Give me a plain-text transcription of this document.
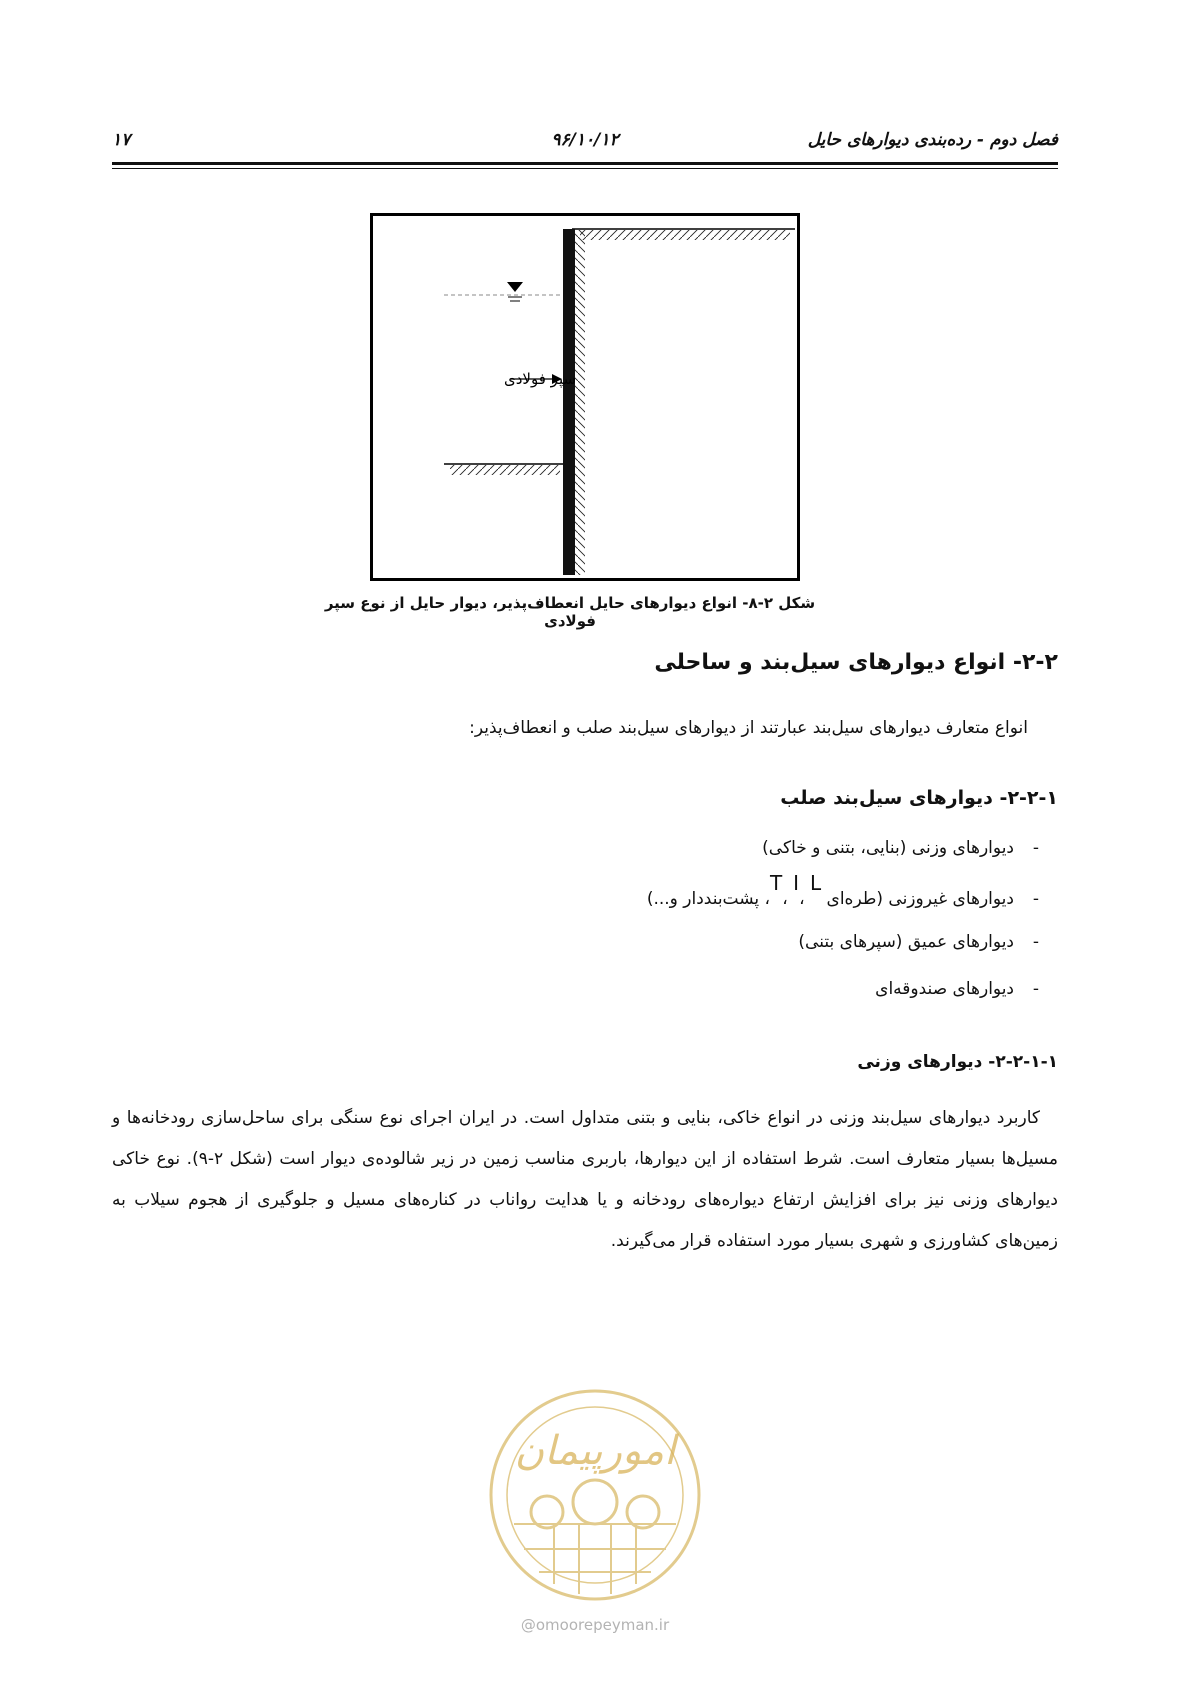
فصل دوم - رده‌بندی دیوارهای حایل
۹۶/۱۰/۱۲
۱۷
سپر فولادی
شکل ۲-۸- انواع دیوارهای حایل انعطاف‌پذیر، دیوار حایل از نوع سپر فولادی
۲-۲- انواع دیوارهای سیل‌بند و ساحلی
انواع متعارف دیوارهای سیل‌بند عبارتند از دیوارهای سیل‌بند صلب و انعطاف‌پذیر:
۲-۲-۱- دیوارهای سیل‌بند صلب
-دیوارهای وزنی (بنایی، بتنی و خاکی)
-دیوارهای غیروزنی (طره‌ای T، I، L، پشت‌بنددار و...)
-دیوارهای عمیق (سپرهای بتنی)
-دیوارهای صندوقه‌ای
۲-۲-۱-۱- دیوارهای وزنی
کاربرد دیوارهای سیل‌بند وزنی در انواع خاکی، بنایی و بتنی متداول است. در ایران اجرای نوع سنگی برای ساحل‌سازی رودخانه‌ها و مسیل‌ها بسیار متعارف است. شرط استفاده از این دیوارها، باربری مناسب زمین در زیر شالوده‌ی دیوار است (شکل ۲-۹). نوع خاکی دیوارهای وزنی نیز برای افزایش ارتفاع دیواره‌های رودخانه و یا هدایت رواناب در کناره‌های مسیل و جلوگیری از هجوم سیلاب به زمین‌های کشاورزی و شهری بسیار مورد استفاده قرار می‌گیرند.
امورپیمان
@omoorepeyman.ir
